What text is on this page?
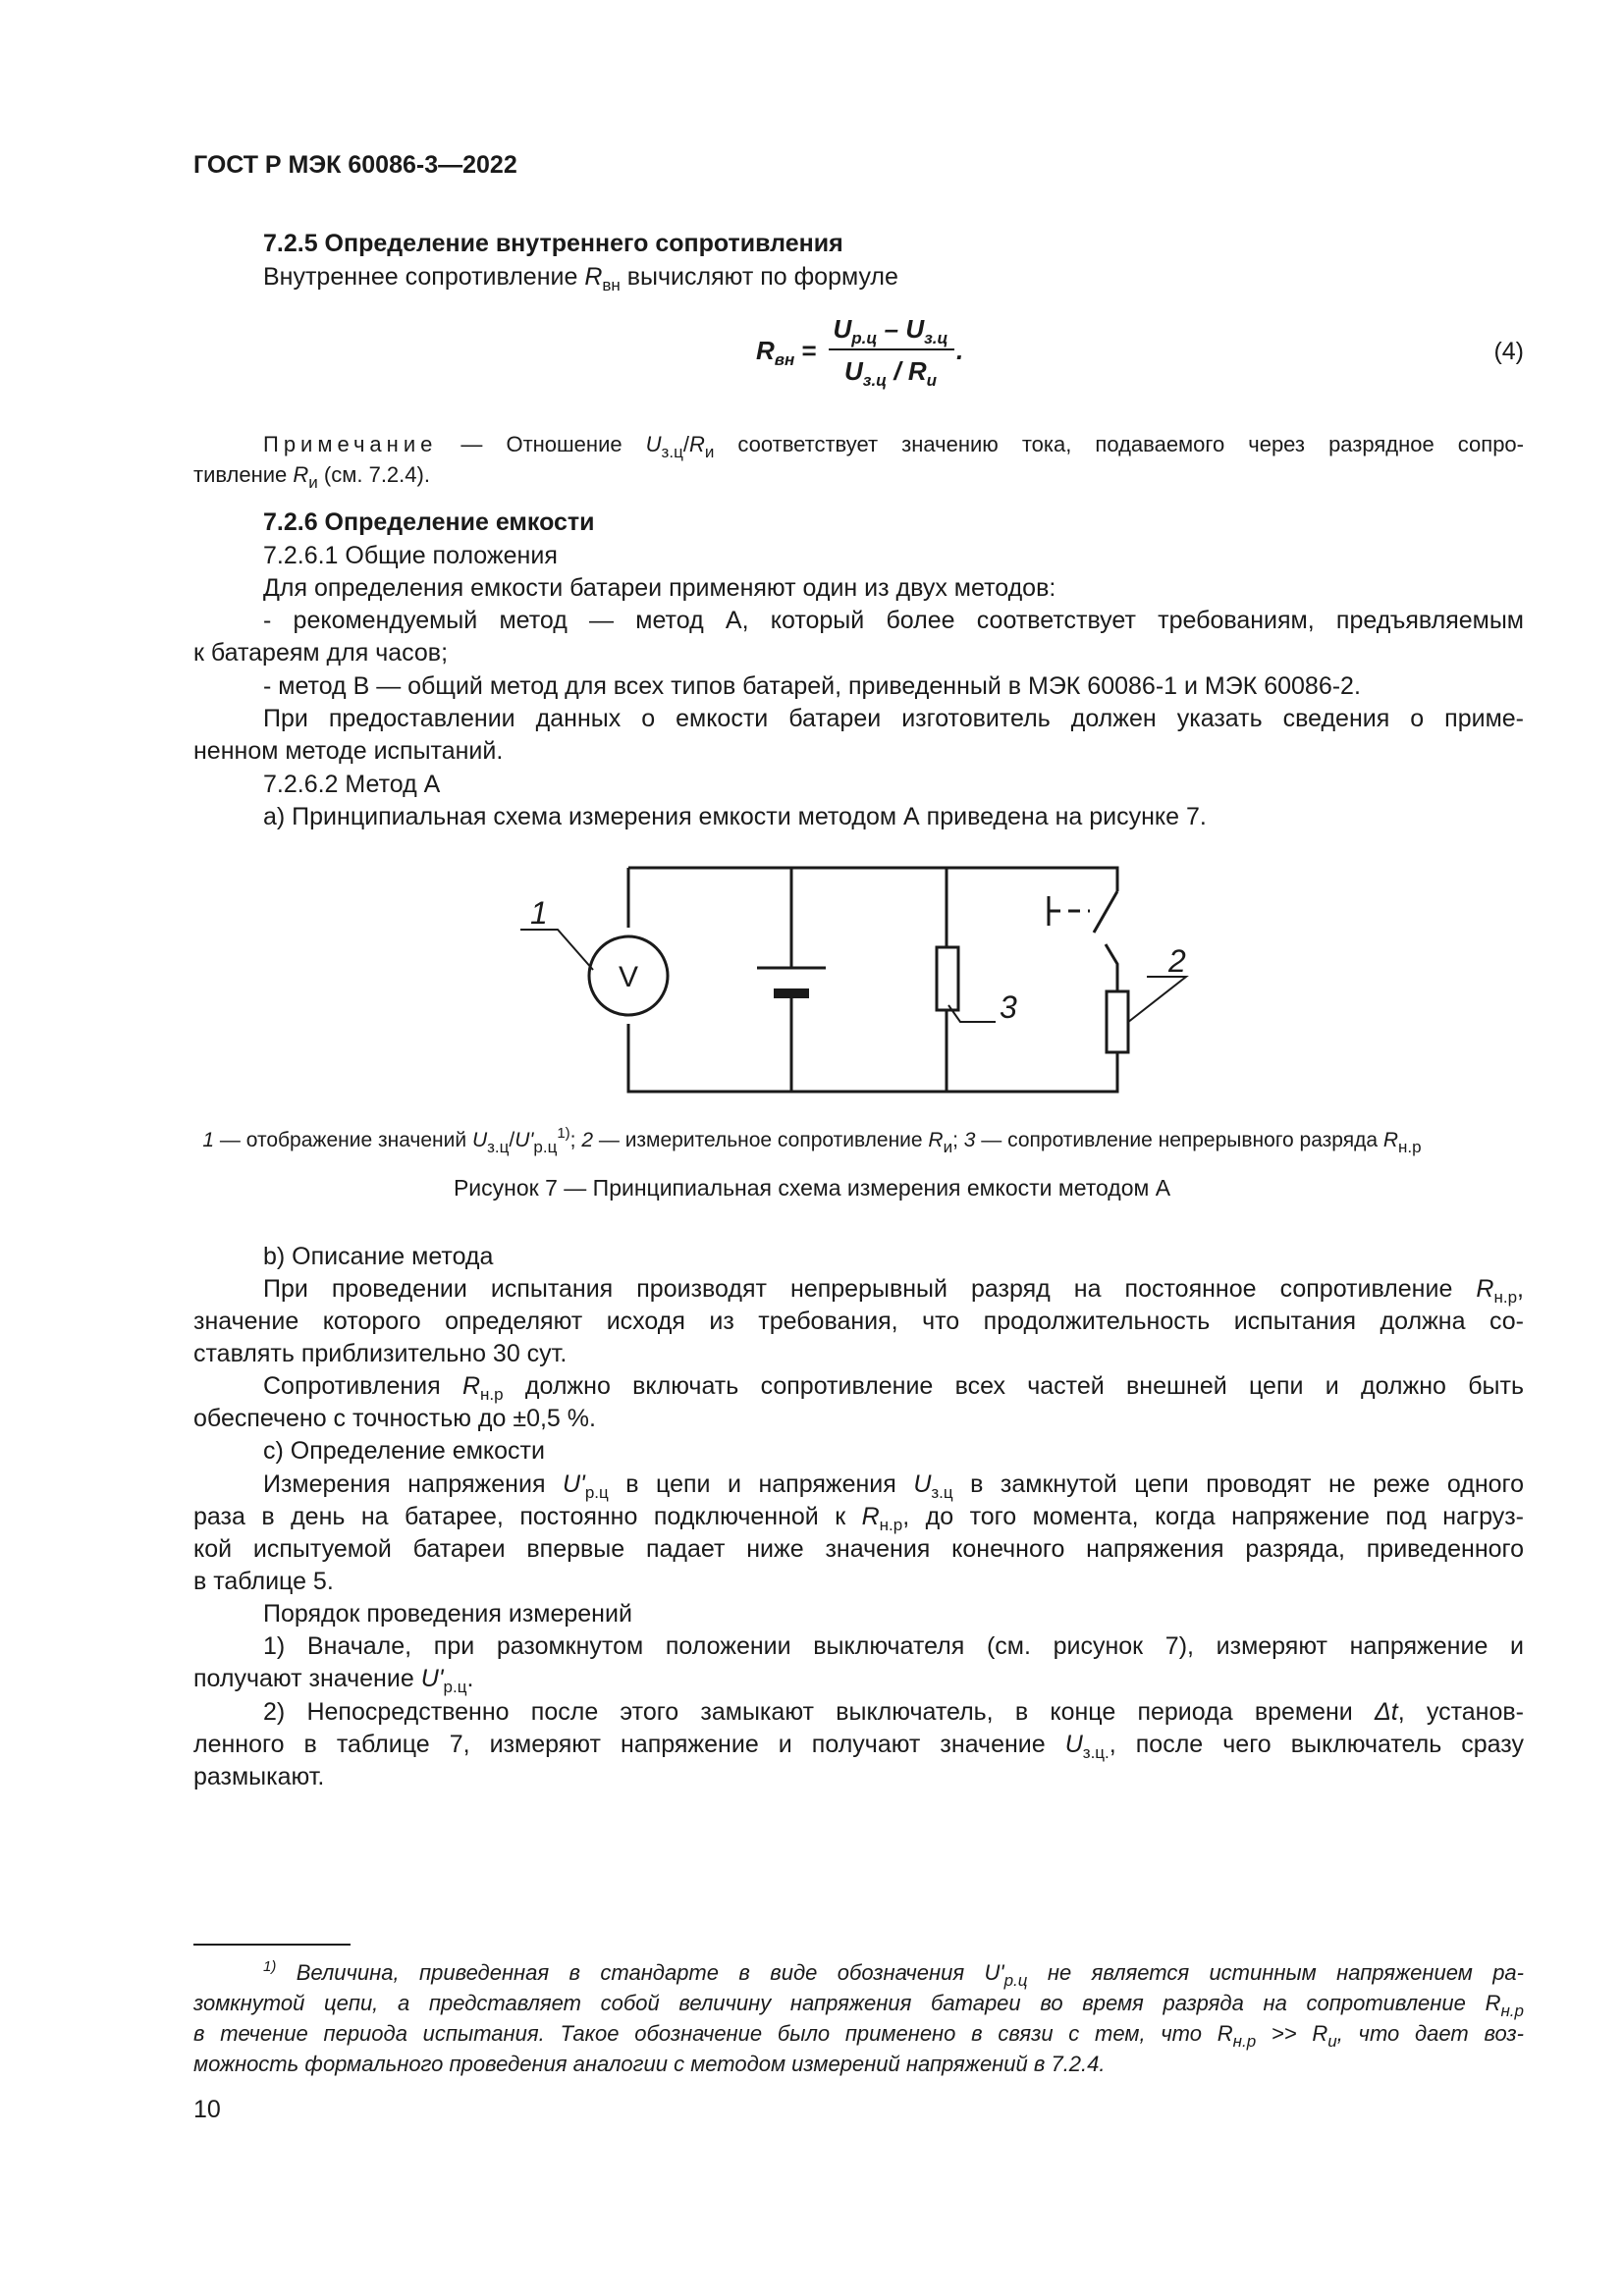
ГОСТ Р МЭК 60086-3—2022
7.2.5 Определение внутреннего сопротивления
Внутреннее сопротивление $R_{вн}$ вычисляют по формуле
$R_{вн}$ =
$U_{р.ц} - U_{з.ц}$
$U_{з.ц} / R_и$
.	(4)
Примечание — Отношение $U_{з.ц}/R_и$ соответствует значению тока, подаваемого через разрядное сопро-
тивление $R_и$ (см. 7.2.4).
7.2.6 Определение емкости
7.2.6.1 Общие положения
Для определения емкости батареи применяют один из двух методов:
- рекомендуемый метод — метод А, который более соответствует требованиям, предъявляемым
к батареям для часов;
- метод В — общий метод для всех типов батарей, приведенный в МЭК 60086-1 и МЭК 60086-2.
При предоставлении данных о емкости батареи изготовитель должен указать сведения о приме-
ненном методе испытаний.
7.2.6.2 Метод А
a) Принципиальная схема измерения емкости методом А приведена на рисунке 7.
V
1
2
3
1 — отображение значений $U_{з.ц}/U'_{р.ц}^{1)}$; 2 — измерительное сопротивление $R_и$; 3 — сопротивление непрерывного разряда $R_{н.р}$
Рисунок 7 — Принципиальная схема измерения емкости методом А
b) Описание метода
При проведении испытания производят непрерывный разряд на постоянное сопротивление $R_{н.р}$,
значение которого определяют исходя из требования, что продолжительность испытания должна со-
ставлять приблизительно 30 сут.
Сопротивления $R_{н.р}$ должно включать сопротивление всех частей внешней цепи и должно быть
обеспечено с точностью до ±0,5 %.
c) Определение емкости
Измерения напряжения $U'_{р.ц}$ в цепи и напряжения $U_{з.ц}$ в замкнутой цепи проводят не реже одного
раза в день на батарее, постоянно подключенной к $R_{н.р}$, до того момента, когда напряжение под нагруз-
кой испытуемой батареи впервые падает ниже значения конечного напряжения разряда, приведенного
в таблице 5.
Порядок проведения измерений
1) Вначале, при разомкнутом положении выключателя (см. рисунок 7), измеряют напряжение и
получают значение $U'_{р.ц}$.
2) Непосредственно после этого замыкают выключатель, в конце периода времени Δt, установ-
ленного в таблице 7, измеряют напряжение и получают значение $U_{з.ц.}$, после чего выключатель сразу
размыкают.
$^{1)}$ Величина, приведенная в стандарте в виде обозначения $U'_{р.ц}$ не является истинным напряжением ра-
зомкнутой цепи, а представляет собой величину напряжения батареи во время разряда на сопротивление $R_{н.р}$
в течение периода испытания. Такое обозначение было применено в связи с тем, что $R_{н.р} >> R_и$, что дает воз-
можность формального проведения аналогии с методом измерений напряжений в 7.2.4.
10
